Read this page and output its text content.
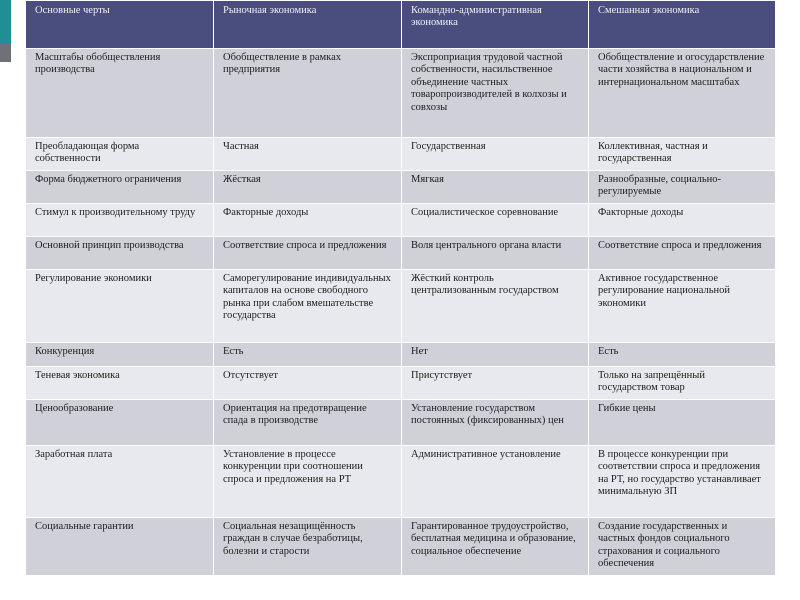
Основные черты	Рыночная экономика	Командно-административная экономика	Смешанная экономика
Масштабы обобществления производства	Обобществление в рамках предприятия	Экспроприация трудовой частной собственности, насильственное объединение частных товаропроизводителей в колхозы и совхозы	Обобществление и огосударствление части хозяйства в национальном и интернациональном масштабах
Преобладающая форма собственности	Частная	Государственная	Коллективная, частная и государственная
Форма бюджетного ограничения	Жёсткая	Мягкая	Разнообразные, социально-регулируемые
Стимул к производительному труду	Факторные доходы	Социалистическое соревнование	Факторные доходы
Основной принцип производства	Соответствие спроса и предложения	Воля центрального органа власти	Соответствие спроса и предложения
Регулирование экономики	Саморегулирование индивидуальных капиталов на основе свободного рынка при слабом вмешательстве государства	Жёсткий контроль централизованным государством	Активное государственное регулирование национальной экономики
Конкуренция	Есть	Нет	Есть
Теневая экономика	Отсутствует	Присутствует	Только на запрещённый государством товар
Ценообразование	Ориентация на предотвращение спада в производстве	Установление государством постоянных (фиксированных) цен	Гибкие цены
Заработная плата	Установление в процессе конкуренции при соотношении спроса и предложения на РТ	Административное установление	В процессе конкуренции при соответствии спроса и предложения на РТ, но государство устанавливает минимальную ЗП
Социальные гарантии	Социальная незащищённость граждан в случае безработицы, болезни и старости	Гарантированное трудоустройство, бесплатная медицина и образование, социальное обеспечение	Создание государственных и частных фондов социального страхования и социального обеспечения
